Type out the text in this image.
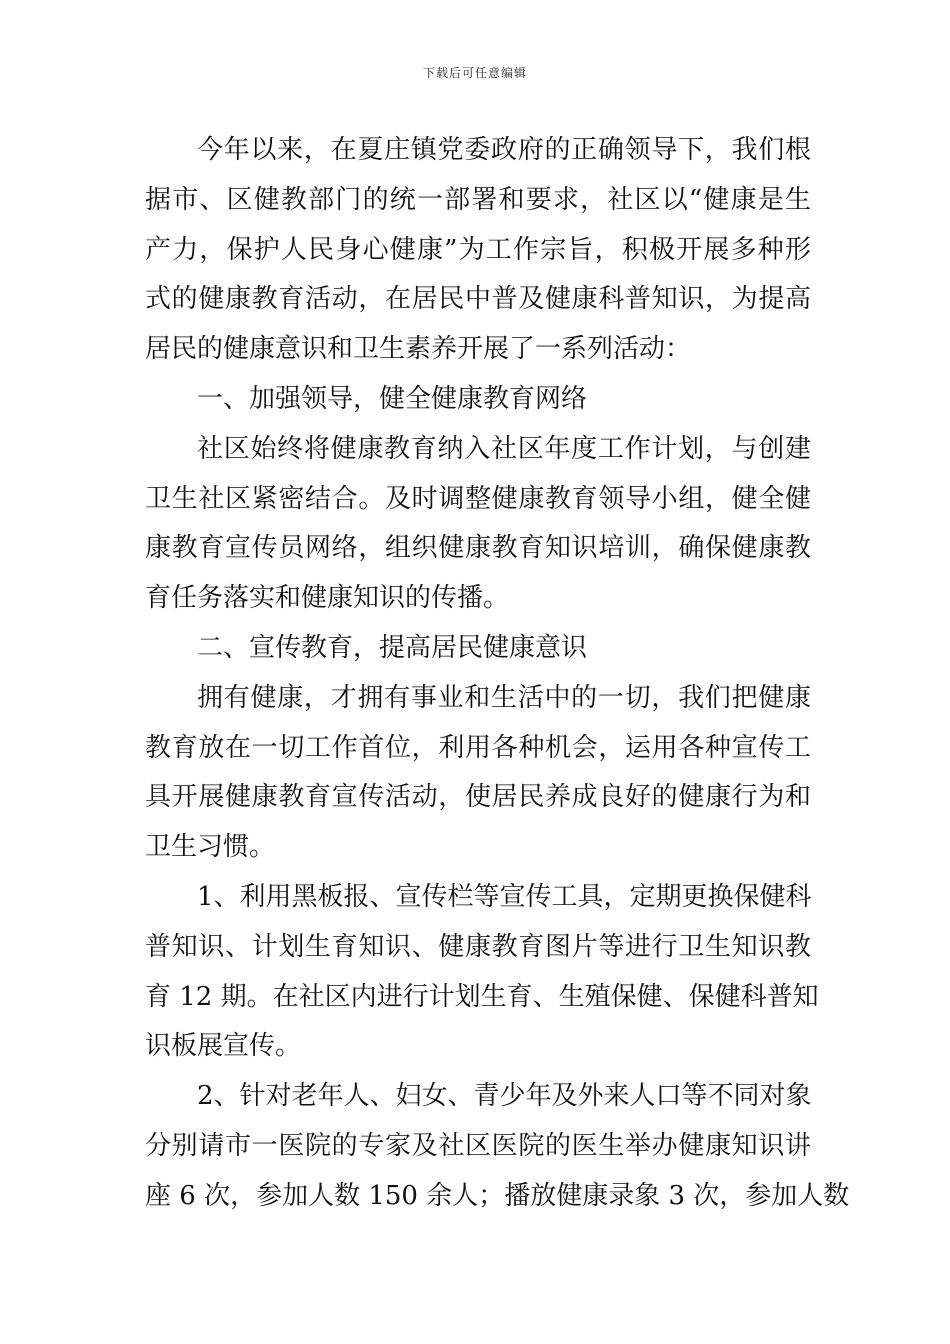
下载后可任意编辑
今年以来，在夏庄镇党委政府的正确领导下，我们根
据市、区健教部门的统一部署和要求，社区以“健康是生
产力，保护人民身心健康”为工作宗旨，积极开展多种形
式的健康教育活动，在居民中普及健康科普知识，为提高
居民的健康意识和卫生素养开展了一系列活动：
一、加强领导，健全健康教育网络
社区始终将健康教育纳入社区年度工作计划，与创建
卫生社区紧密结合。及时调整健康教育领导小组，健全健
康教育宣传员网络，组织健康教育知识培训，确保健康教
育任务落实和健康知识的传播。
二、宣传教育，提高居民健康意识
拥有健康，才拥有事业和生活中的一切，我们把健康
教育放在一切工作首位，利用各种机会，运用各种宣传工
具开展健康教育宣传活动，使居民养成良好的健康行为和
卫生习惯。
1、利用黑板报、宣传栏等宣传工具，定期更换保健科
普知识、计划生育知识、健康教育图片等进行卫生知识教
育 12 期。在社区内进行计划生育、生殖保健、保健科普知
识板展宣传。
2、针对老年人、妇女、青少年及外来人口等不同对象
分别请市一医院的专家及社区医院的医生举办健康知识讲
座 6 次，参加人数 150 余人；播放健康录象 3 次，参加人数
